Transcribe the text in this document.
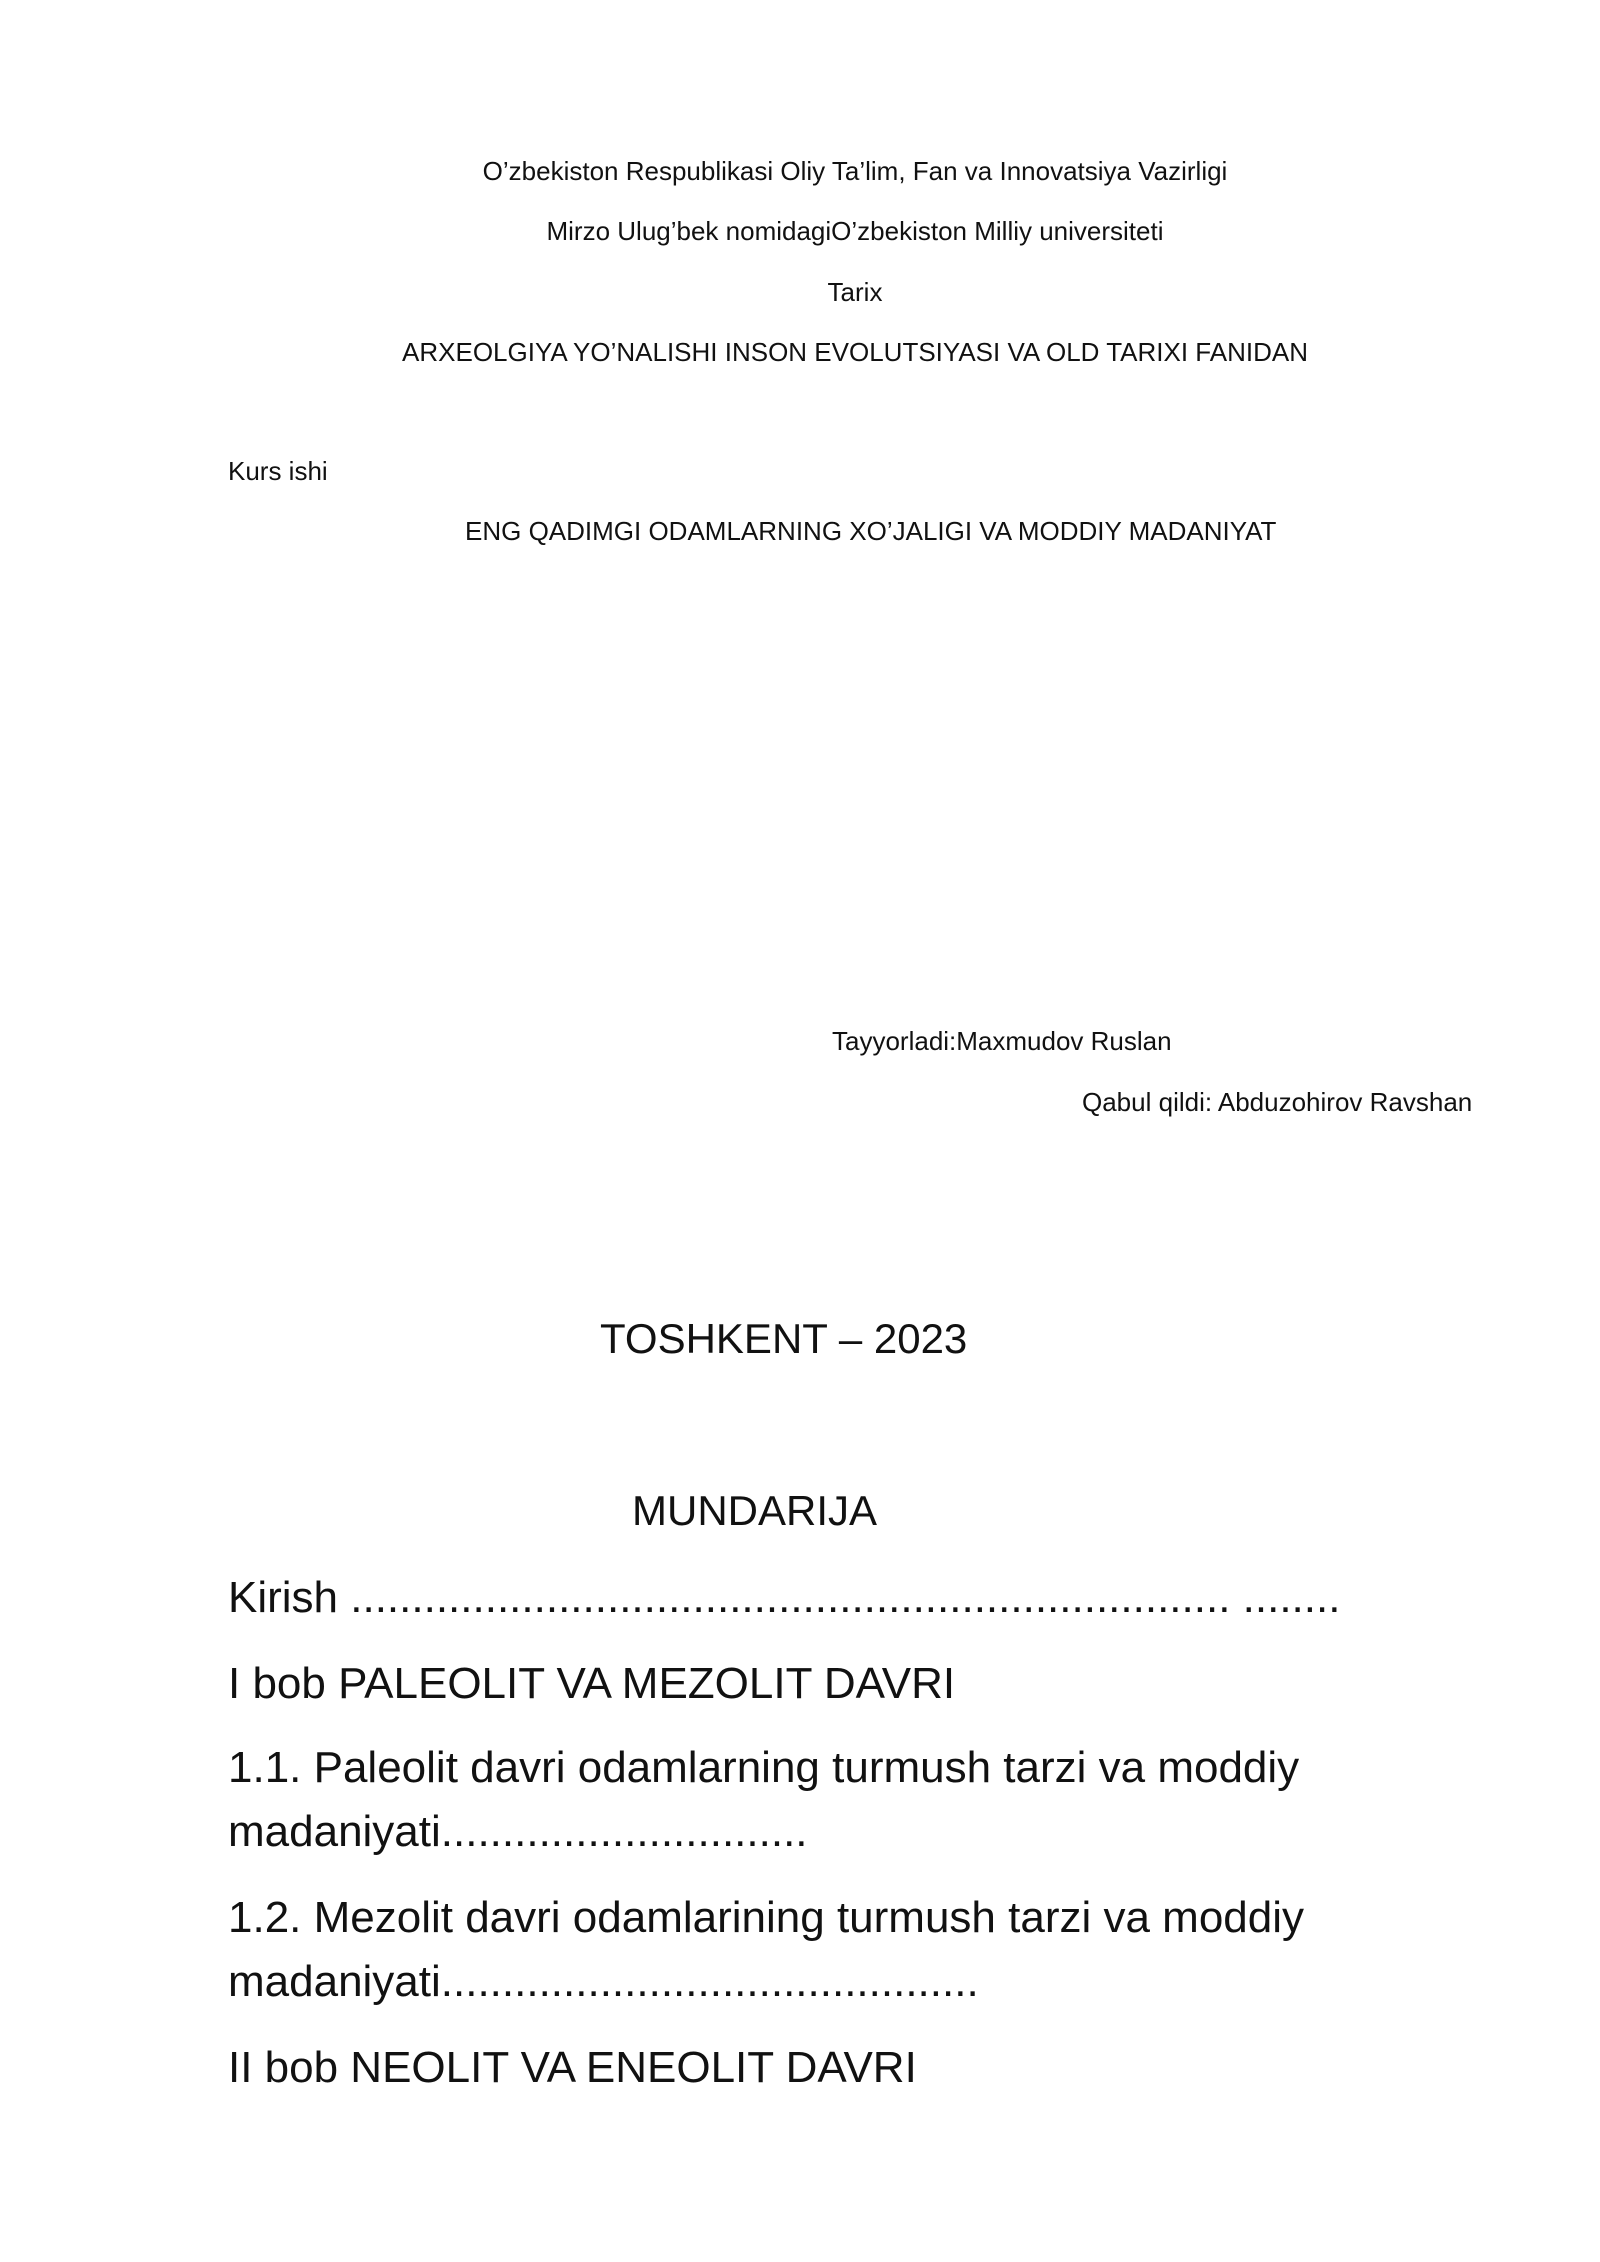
O’zbekiston Respublikasi Oliy Ta’lim, Fan va Innovatsiya Vazirligi
Mirzo Ulug’bek nomidagiO’zbekiston Milliy universiteti
Tarix
ARXEOLGIYA YO’NALISHI INSON EVOLUTSIYASI VA OLD TARIXI FANIDAN
Kurs ishi
ENG QADIMGI ODAMLARNING XO’JALIGI VA MODDIY MADANIYAT
Tayyorladi:Maxmudov Ruslan
Qabul qildi: Abduzohirov Ravshan
TOSHKENT – 2023
MUNDARIJA
Kirish ........................................................................ ........
I bob PALEOLIT VA MEZOLIT DAVRI
1.1. Paleolit davri odamlarning turmush tarzi va moddiy madaniyati..............................
1.2. Mezolit davri odamlarining turmush tarzi va moddiy madaniyati............................................
II bob NEOLIT VA ENEOLIT DAVRI
